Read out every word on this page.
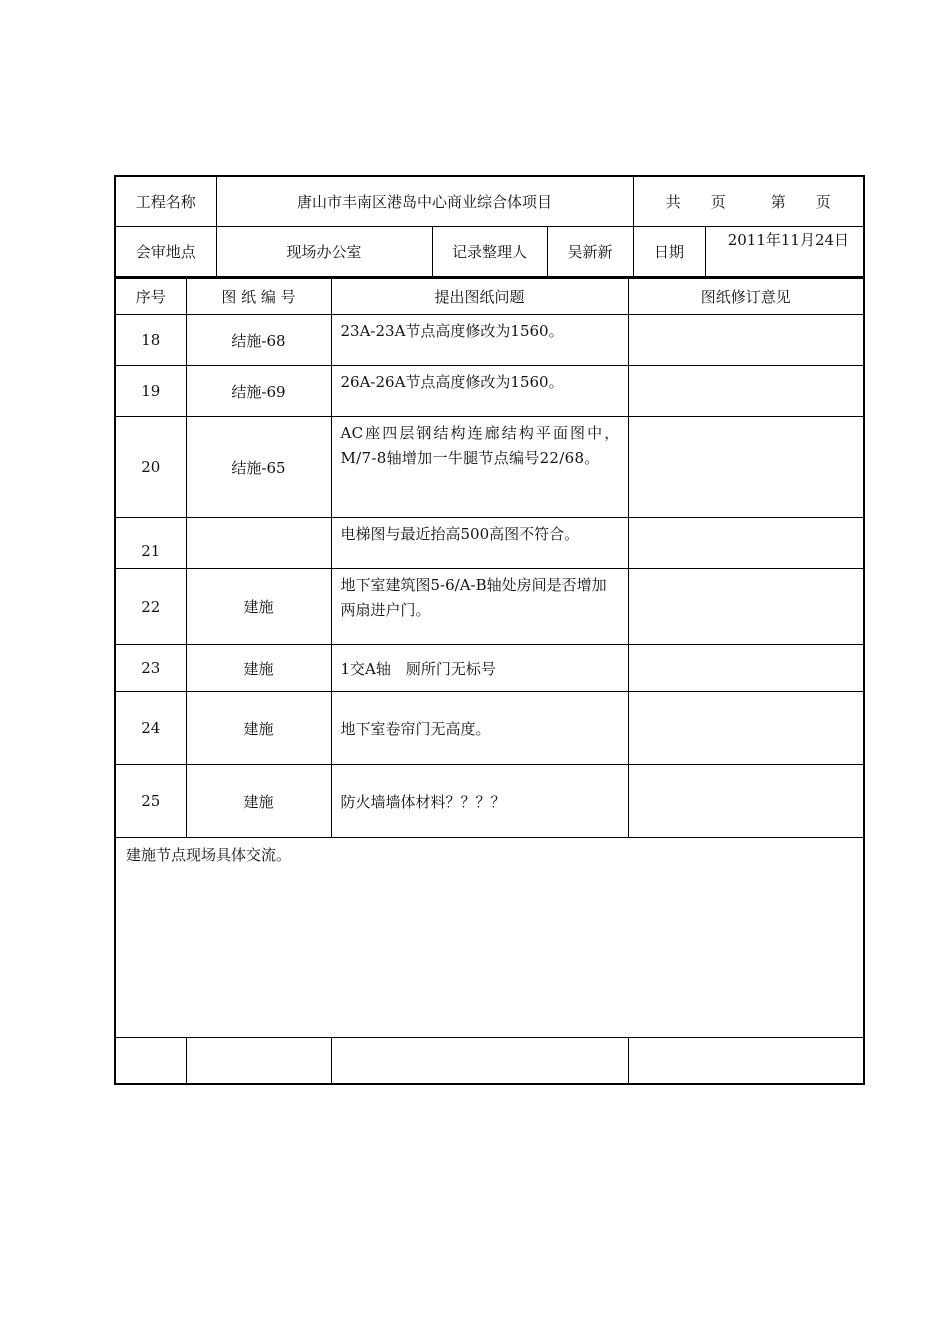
工程名称	唐山市丰南区港岛中心商业综合体项目			共　　页　　　第　　页	
会审地点	现场办公室	记录整理人	吴新新	日期	2011年11月24日
序号	图 纸 编 号	提出图纸问题	图纸修订意见
18	结施-68	23A-23A节点高度修改为1560。	
19	结施-69	26A-26A节点高度修改为1560。	
20	结施-65	AC座四层钢结构连廊结构平面图中，M/7-8轴增加一牛腿节点编号22/68。	
21		电梯图与最近抬高500高图不符合。	
22	建施	地下室建筑图5-6/A-B轴处房间是否增加两扇进户门。	
23	建施	1交A轴　厕所门无标号	
24	建施	地下室卷帘门无高度。	
25	建施	防火墙墙体材料？？？？	
建施节点现场具体交流。			
